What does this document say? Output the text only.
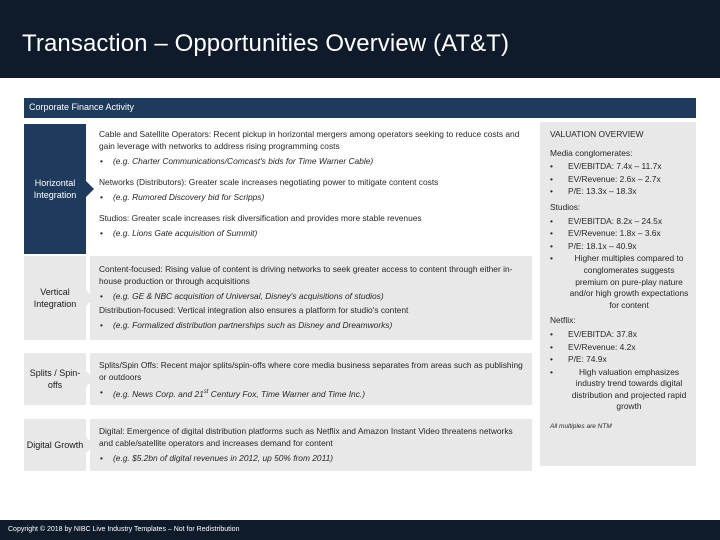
Transaction – Opportunities Overview (AT&T)
Corporate Finance Activity
Horizontal Integration
Vertical Integration
Splits / Spin-offs
Digital Growth
Cable and Satellite Operators: Recent pickup in horizontal mergers among operators seeking to reduce costs and gain leverage with networks to address rising programming costs
• (e.g. Charter Communications/Comcast's bids for Time Warner Cable)
Networks (Distributors): Greater scale increases negotiating power to mitigate content costs
• (e.g. Rumored Discovery bid for Scripps)
Studios: Greater scale increases risk diversification and provides more stable revenues
• (e.g. Lions Gate acquisition of Summit)
Content-focused: Rising value of content is driving networks to seek greater access to content through either in-house production or through acquisitions
• (e.g. GE & NBC acquisition of Universal, Disney's acquisitions of studios)
Distribution-focused: Vertical integration also ensures a platform for studio's content
• (e.g. Formalized distribution partnerships such as Disney and Dreamworks)
Splits/Spin Offs: Recent major splits/spin-offs where core media business separates from areas such as publishing or outdoors
• (e.g. News Corp. and 21st Century Fox, Time Warner and Time Inc.)
Digital: Emergence of digital distribution platforms such as Netflix and Amazon Instant Video threatens networks and cable/satellite operators and increases demand for content
• (e.g. $5.2bn of digital revenues in 2012, up 50% from 2011)
VALUATION OVERVIEW
Media conglomerates:
• EV/EBITDA: 7.4x – 11.7x
• EV/Revenue: 2.6x – 2.7x
• P/E: 13.3x – 18.3x
Studios:
• EV/EBITDA: 8.2x – 24.5x
• EV/Revenue: 1.8x – 3.6x
• P/E: 18.1x – 40.9x
• Higher multiples compared to conglomerates suggests premium on pure-play nature and/or high growth expectations for content
Netflix:
• EV/EBITDA: 37.8x
• EV/Revenue: 4.2x
• P/E: 74.9x
• High valuation emphasizes industry trend towards digital distribution and projected rapid growth
All multiples are NTM
Copyright © 2018 by NIBC Live Industry Templates – Not for Redistribution
